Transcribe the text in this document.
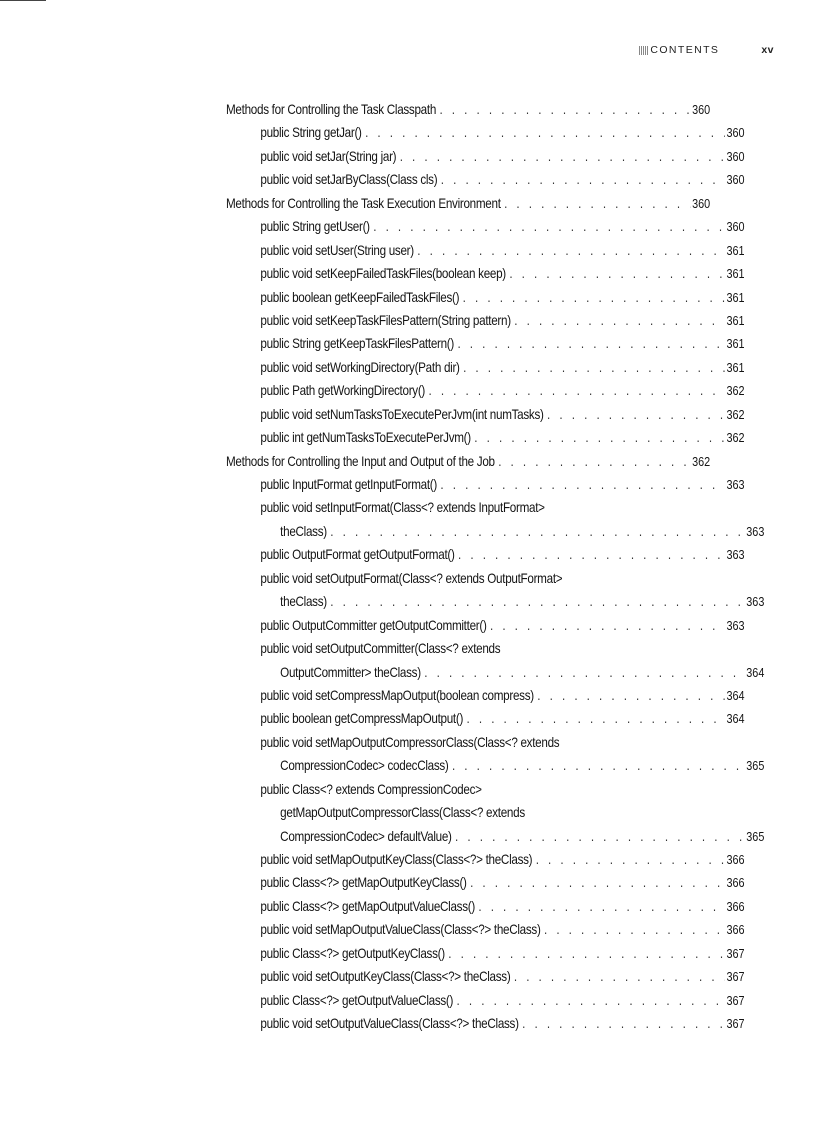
CONTENTS	xv
Methods for Controlling the Task Classpath . . .	360
public String getJar() . . .	360
public void setJar(String jar) . . .	360
public void setJarByClass(Class cls) . . .	360
Methods for Controlling the Task Execution Environment . . .	360
public String getUser() . . .	360
public void setUser(String user) . . .	361
public void setKeepFailedTaskFiles(boolean keep) . . .	361
public boolean getKeepFailedTaskFiles() . . .	361
public void setKeepTaskFilesPattern(String pattern) . . .	361
public String getKeepTaskFilesPattern() . . .	361
public void setWorkingDirectory(Path dir) . . .	361
public Path getWorkingDirectory() . . .	362
public void setNumTasksToExecutePerJvm(int numTasks) . . .	362
public int getNumTasksToExecutePerJvm() . . .	362
Methods for Controlling the Input and Output of the Job . . .	362
public InputFormat getInputFormat() . . .	363
public void setInputFormat(Class<? extends InputFormat>
theClass) . . .	363
public OutputFormat getOutputFormat() . . .	363
public void setOutputFormat(Class<? extends OutputFormat>
theClass) . . .	363
public OutputCommitter getOutputCommitter() . . .	363
public void setOutputCommitter(Class<? extends
OutputCommitter> theClass) . . .	364
public void setCompressMapOutput(boolean compress) . . .	364
public boolean getCompressMapOutput() . . .	364
public void setMapOutputCompressorClass(Class<? extends
CompressionCodec> codecClass) . . .	365
public Class<? extends CompressionCodec>
getMapOutputCompressorClass(Class<? extends
CompressionCodec> defaultValue) . . .	365
public void setMapOutputKeyClass(Class<?> theClass) . . .	366
public Class<?> getMapOutputKeyClass() . . .	366
public Class<?> getMapOutputValueClass() . . .	366
public void setMapOutputValueClass(Class<?> theClass) . . .	366
public Class<?> getOutputKeyClass() . . .	367
public void setOutputKeyClass(Class<?> theClass) . . .	367
public Class<?> getOutputValueClass() . . .	367
public void setOutputValueClass(Class<?> theClass) . . .	367
